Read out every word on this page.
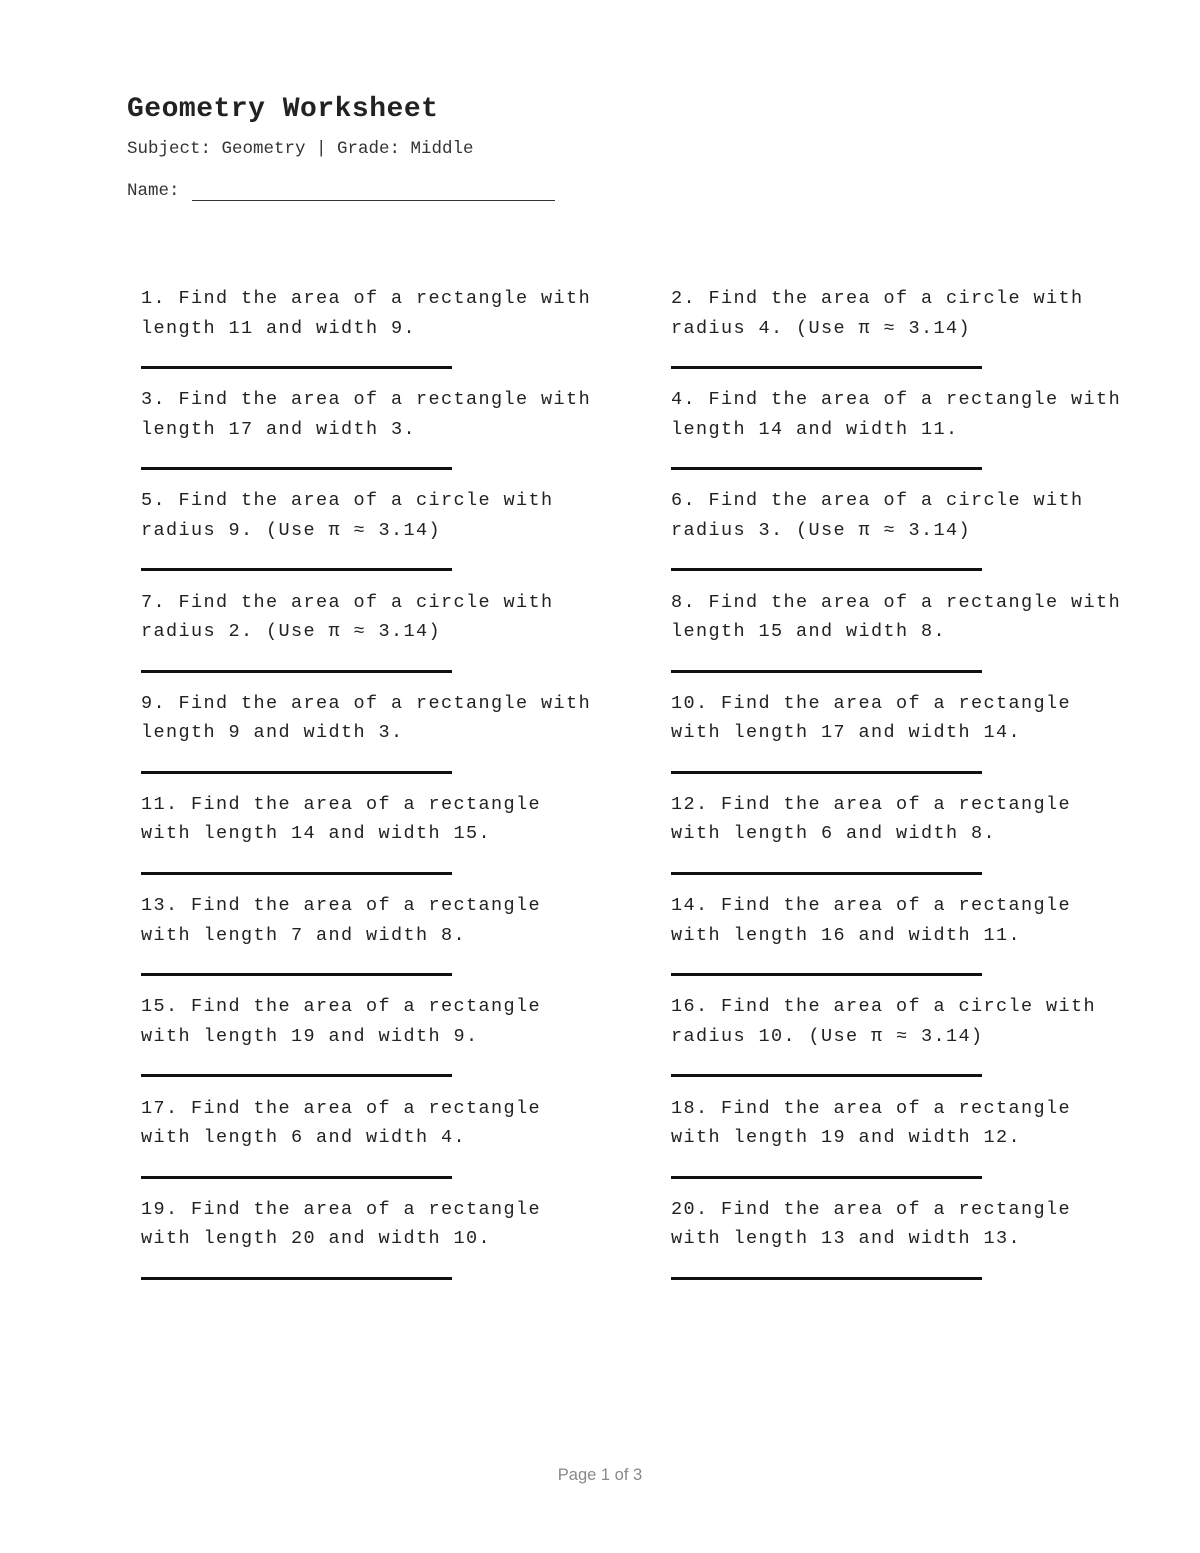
Geometry Worksheet
Subject: Geometry | Grade: Middle
Name:

1. Find the area of a rectangle with length 11 and width 9.

2. Find the area of a circle with radius 4. (Use π ≈ 3.14)

3. Find the area of a rectangle with length 17 and width 3.

4. Find the area of a rectangle with length 14 and width 11.

5. Find the area of a circle with radius 9. (Use π ≈ 3.14)

6. Find the area of a circle with radius 3. (Use π ≈ 3.14)

7. Find the area of a circle with radius 2. (Use π ≈ 3.14)

8. Find the area of a rectangle with length 15 and width 8.

9. Find the area of a rectangle with length 9 and width 3.

10. Find the area of a rectangle with length 17 and width 14.

11. Find the area of a rectangle with length 14 and width 15.

12. Find the area of a rectangle with length 6 and width 8.

13. Find the area of a rectangle with length 7 and width 8.

14. Find the area of a rectangle with length 16 and width 11.

15. Find the area of a rectangle with length 19 and width 9.

16. Find the area of a circle with radius 10. (Use π ≈ 3.14)

17. Find the area of a rectangle with length 6 and width 4.

18. Find the area of a rectangle with length 19 and width 12.

19. Find the area of a rectangle with length 20 and width 10.

20. Find the area of a rectangle with length 13 and width 13.

Page 1 of 3
